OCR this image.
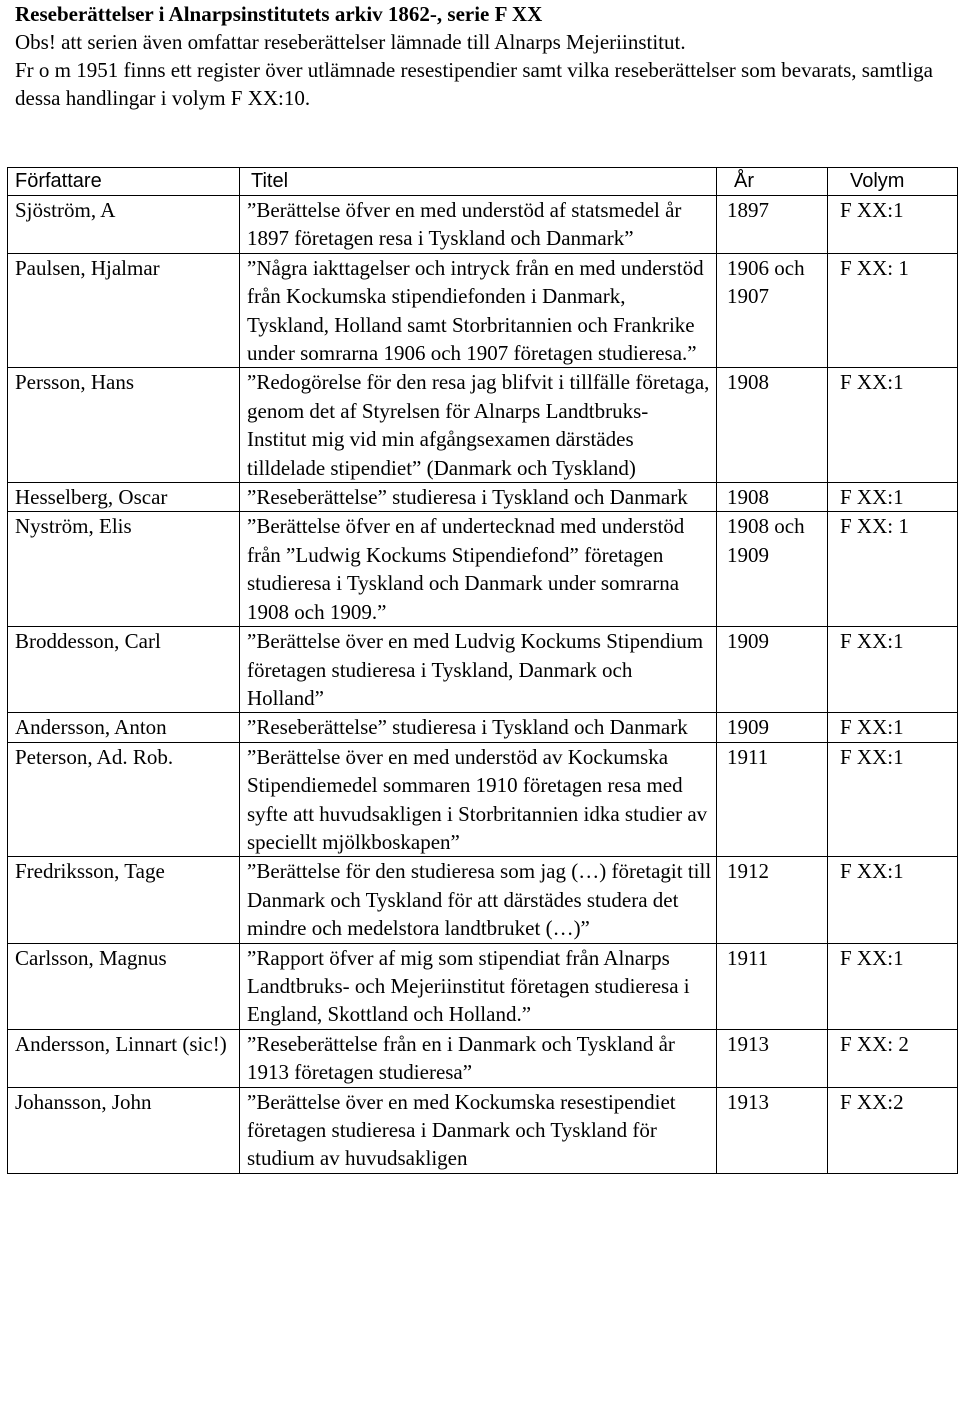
Reseberättelser i Alnarpsinstitutets arkiv 1862-, serie F XX

Obs! att serien även omfattar reseberättelser lämnade till Alnarps Mejeriinstitut.

Fr o m 1951 finns ett register över utlämnade resestipendier samt vilka reseberättelser som bevarats, samtliga dessa handlingar i volym F XX:10.

Författare	Titel	År	Volym
Sjöström, A	”Berättelse öfver en med understöd af statsmedel år 1897 företagen resa i Tyskland och Danmark”	1897	F XX:1
Paulsen, Hjalmar	”Några iakttagelser och intryck från en med understöd från Kockumska stipendiefonden i Danmark, Tyskland, Holland samt Storbritannien och Frankrike under somrarna 1906 och 1907 företagen studieresa.”	1906 och 1907	F XX: 1
Persson, Hans	”Redogörelse för den resa jag blifvit i tillfälle företaga, genom det af Styrelsen för Alnarps Landtbruks- Institut mig vid min afgångsexamen därstädes tilldelade stipendiet” (Danmark och Tyskland)	1908	F XX:1
Hesselberg, Oscar	”Reseberättelse” studieresa i Tyskland och Danmark	1908	F XX:1
Nyström, Elis	”Berättelse öfver en af undertecknad med understöd från ”Ludwig Kockums Stipendiefond” företagen studieresa i Tyskland och Danmark under somrarna 1908 och 1909.”	1908 och 1909	F XX: 1
Broddesson, Carl	”Berättelse över en med Ludvig Kockums Stipendium företagen studieresa i Tyskland, Danmark och Holland”	1909	F XX:1
Andersson, Anton	”Reseberättelse” studieresa i Tyskland och Danmark	1909	F XX:1
Peterson, Ad. Rob.	”Berättelse över en med understöd av Kockumska Stipendiemedel sommaren 1910 företagen resa med syfte att huvudsakligen i Storbritannien idka studier av speciellt mjölkboskapen”	1911	F XX:1
Fredriksson, Tage	”Berättelse för den studieresa som jag (…) företagit till Danmark och Tyskland för att därstädes studera det mindre och medelstora landtbruket (…)”	1912	F XX:1
Carlsson, Magnus	”Rapport öfver af mig som stipendiat från Alnarps Landtbruks- och Mejeriinstitut företagen studieresa i England, Skottland och Holland.”	1911	F XX:1
Andersson, Linnart (sic!)	”Reseberättelse från en i Danmark och Tyskland år 1913 företagen studieresa”	1913	F XX: 2
Johansson, John	”Berättelse över en med Kockumska resestipendiet företagen studieresa i Danmark och Tyskland för studium av huvudsakligen	1913	F XX:2
